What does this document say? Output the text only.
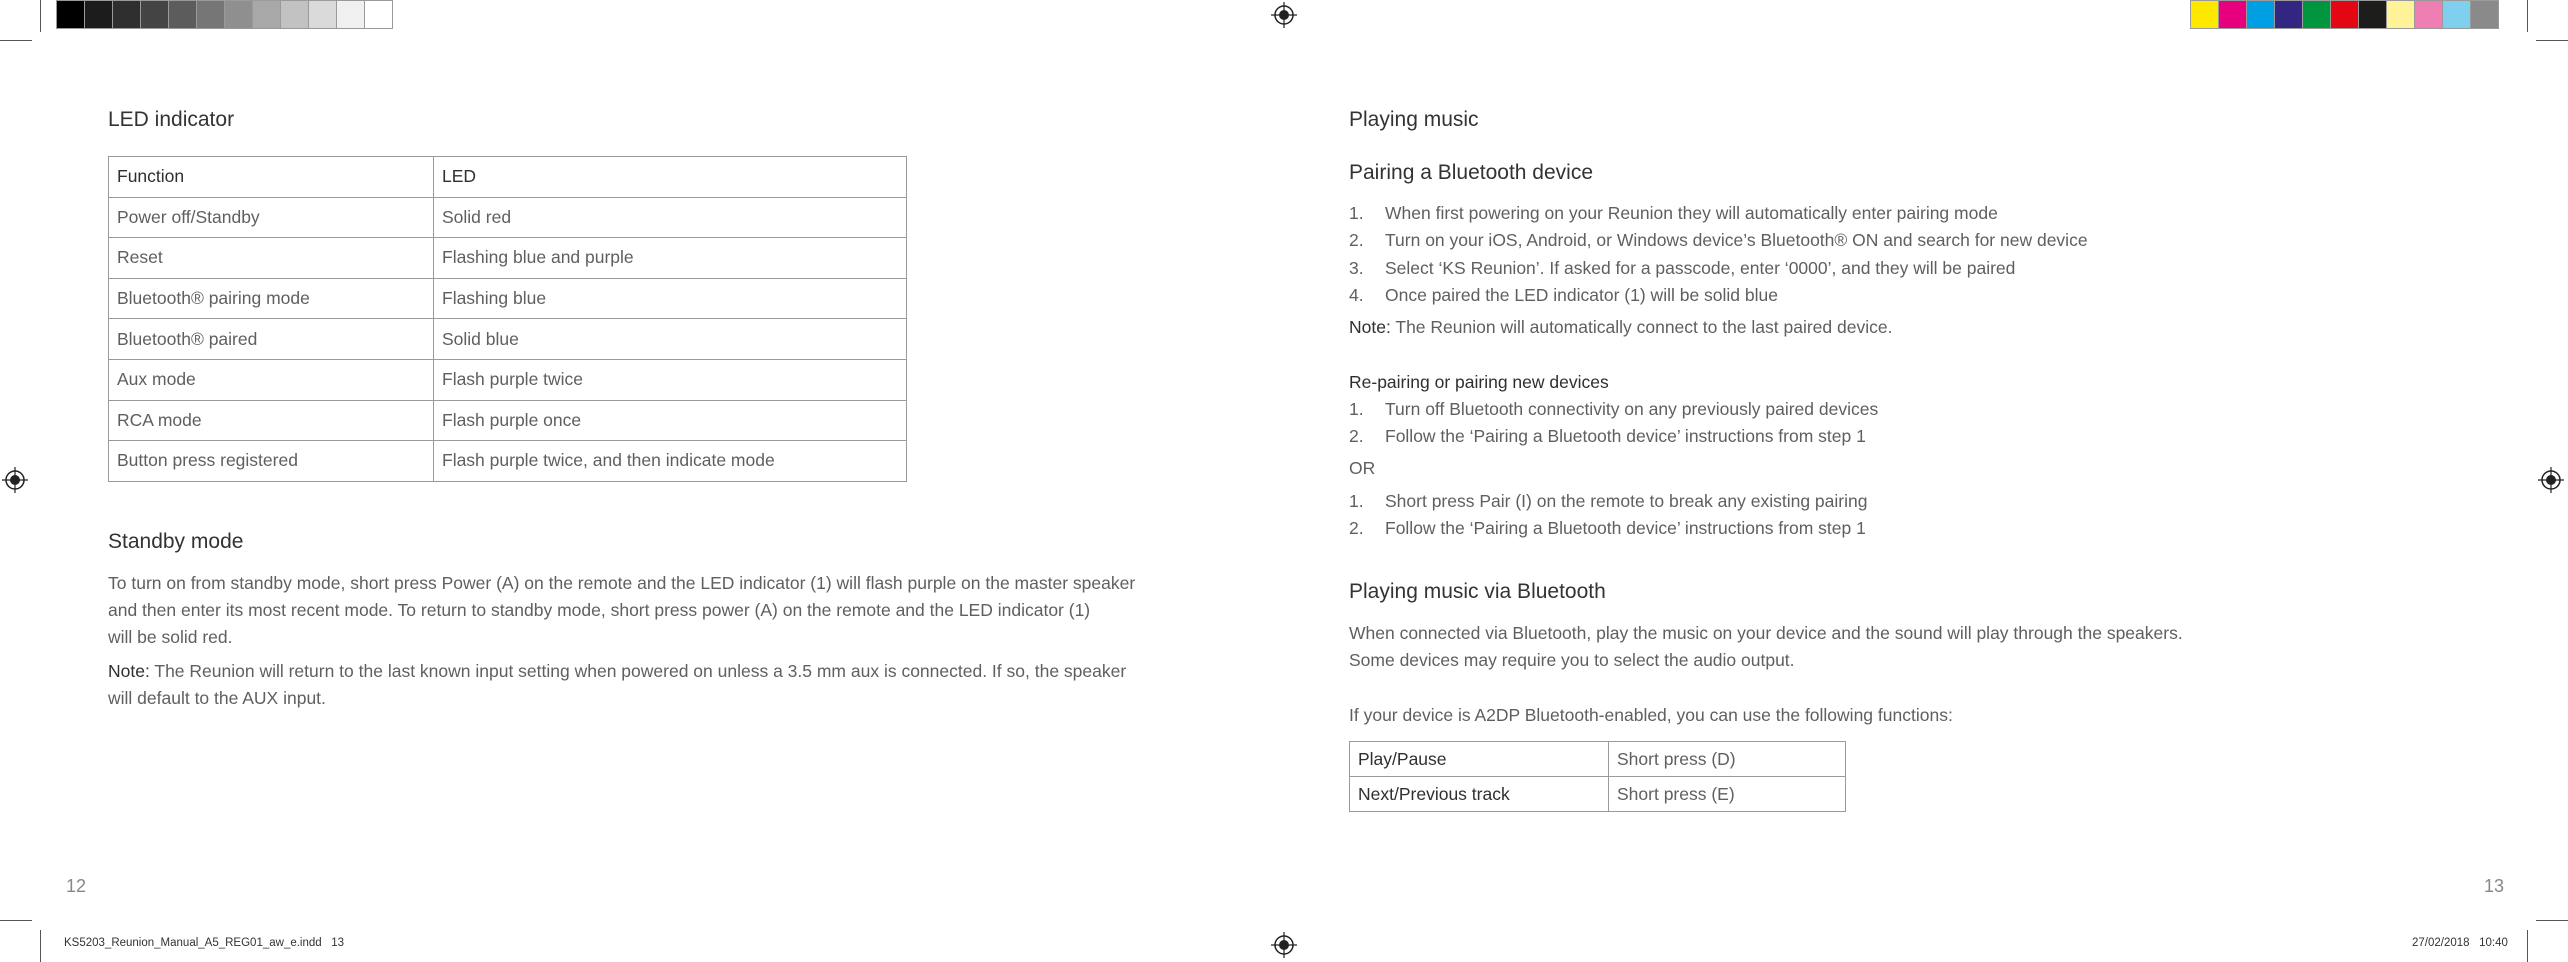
LED indicator
Function	LED
Power off/Standby	Solid red
Reset	Flashing blue and purple
Bluetooth® pairing mode	Flashing blue
Bluetooth® paired	Solid blue
Aux mode	Flash purple twice
RCA mode	Flash purple once
Button press registered	Flash purple twice, and then indicate mode
Standby mode
To turn on from standby mode, short press Power (A) on the remote and the LED indicator (1) will flash purple on the master speaker
and then enter its most recent mode. To return to standby mode, short press power (A) on the remote and the LED indicator (1)
will be solid red.
Note: The Reunion will return to the last known input setting when powered on unless a 3.5 mm aux is connected. If so, the speaker
will default to the AUX input.
12
Playing music
Pairing a Bluetooth device
1. When first powering on your Reunion they will automatically enter pairing mode
2. Turn on your iOS, Android, or Windows device’s Bluetooth® ON and search for new device
3. Select ‘KS Reunion’. If asked for a passcode, enter ‘0000’, and they will be paired
4. Once paired the LED indicator (1) will be solid blue
Note: The Reunion will automatically connect to the last paired device.
Re-pairing or pairing new devices
1. Turn off Bluetooth connectivity on any previously paired devices
2. Follow the ‘Pairing a Bluetooth device’ instructions from step 1
OR
1. Short press Pair (I) on the remote to break any existing pairing
2. Follow the ‘Pairing a Bluetooth device’ instructions from step 1
Playing music via Bluetooth
When connected via Bluetooth, play the music on your device and the sound will play through the speakers.
Some devices may require you to select the audio output.
If your device is A2DP Bluetooth-enabled, you can use the following functions:
Play/Pause	Short press (D)
Next/Previous track	Short press (E)
13
KS5203_Reunion_Manual_A5_REG01_aw_e.indd   13	27/02/2018   10:40
